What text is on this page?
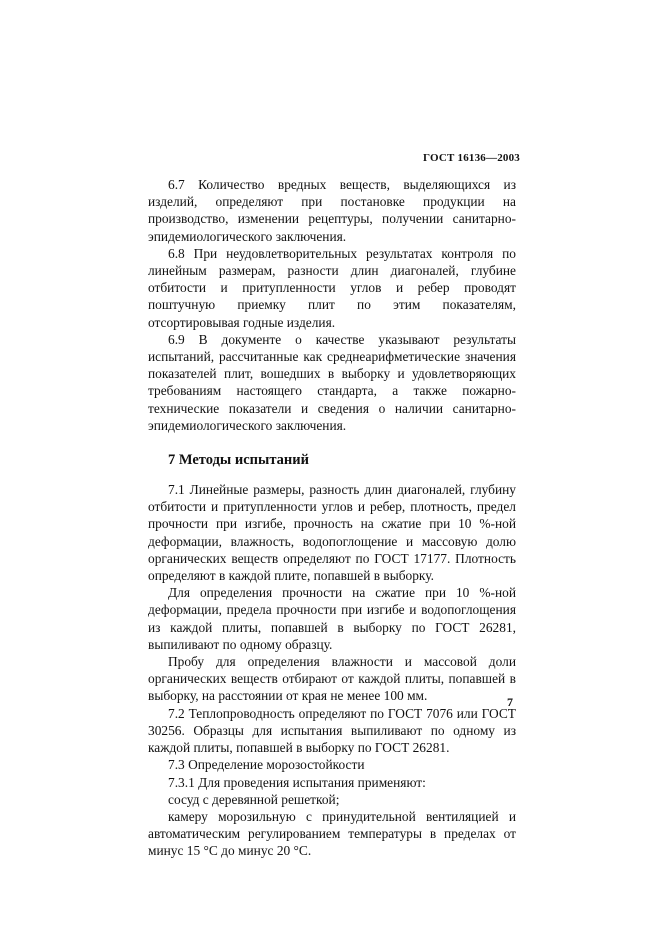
ГОСТ 16136—2003

6.7 Количество вредных веществ, выделяющихся из изделий, определяют при постановке продукции на производство, изменении рецептуры, получении санитарно-эпидемиологического заключения.

6.8 При неудовлетворительных результатах контроля по линейным размерам, разности длин диагоналей, глубине отбитости и притупленности углов и ребер проводят поштучную приемку плит по этим показателям, отсортировывая годные изделия.

6.9 В документе о качестве указывают результаты испытаний, рассчитанные как среднеарифметические значения показателей плит, вошедших в выборку и удовлетворяющих требованиям настоящего стандарта, а также пожарно-технические показатели и сведения о наличии санитарно-эпидемиологического заключения.

7 Методы испытаний

7.1 Линейные размеры, разность длин диагоналей, глубину отбитости и притупленности углов и ребер, плотность, предел прочности при изгибе, прочность на сжатие при 10 %-ной деформации, влажность, водопоглощение и массовую долю органических веществ определяют по ГОСТ 17177. Плотность определяют в каждой плите, попавшей в выборку.

Для определения прочности на сжатие при 10 %-ной деформации, предела прочности при изгибе и водопоглощения из каждой плиты, попавшей в выборку по ГОСТ 26281, выпиливают по одному образцу.

Пробу для определения влажности и массовой доли органических веществ отбирают от каждой плиты, попавшей в выборку, на расстоянии от края не менее 100 мм.

7.2 Теплопроводность определяют по ГОСТ 7076 или ГОСТ 30256. Образцы для испытания выпиливают по одному из каждой плиты, попавшей в выборку по ГОСТ 26281.

7.3 Определение морозостойкости

7.3.1 Для проведения испытания применяют:

сосуд с деревянной решеткой;

камеру морозильную с принудительной вентиляцией и автоматическим регулированием температуры в пределах от минус 15 °С до минус 20 °С.

7
